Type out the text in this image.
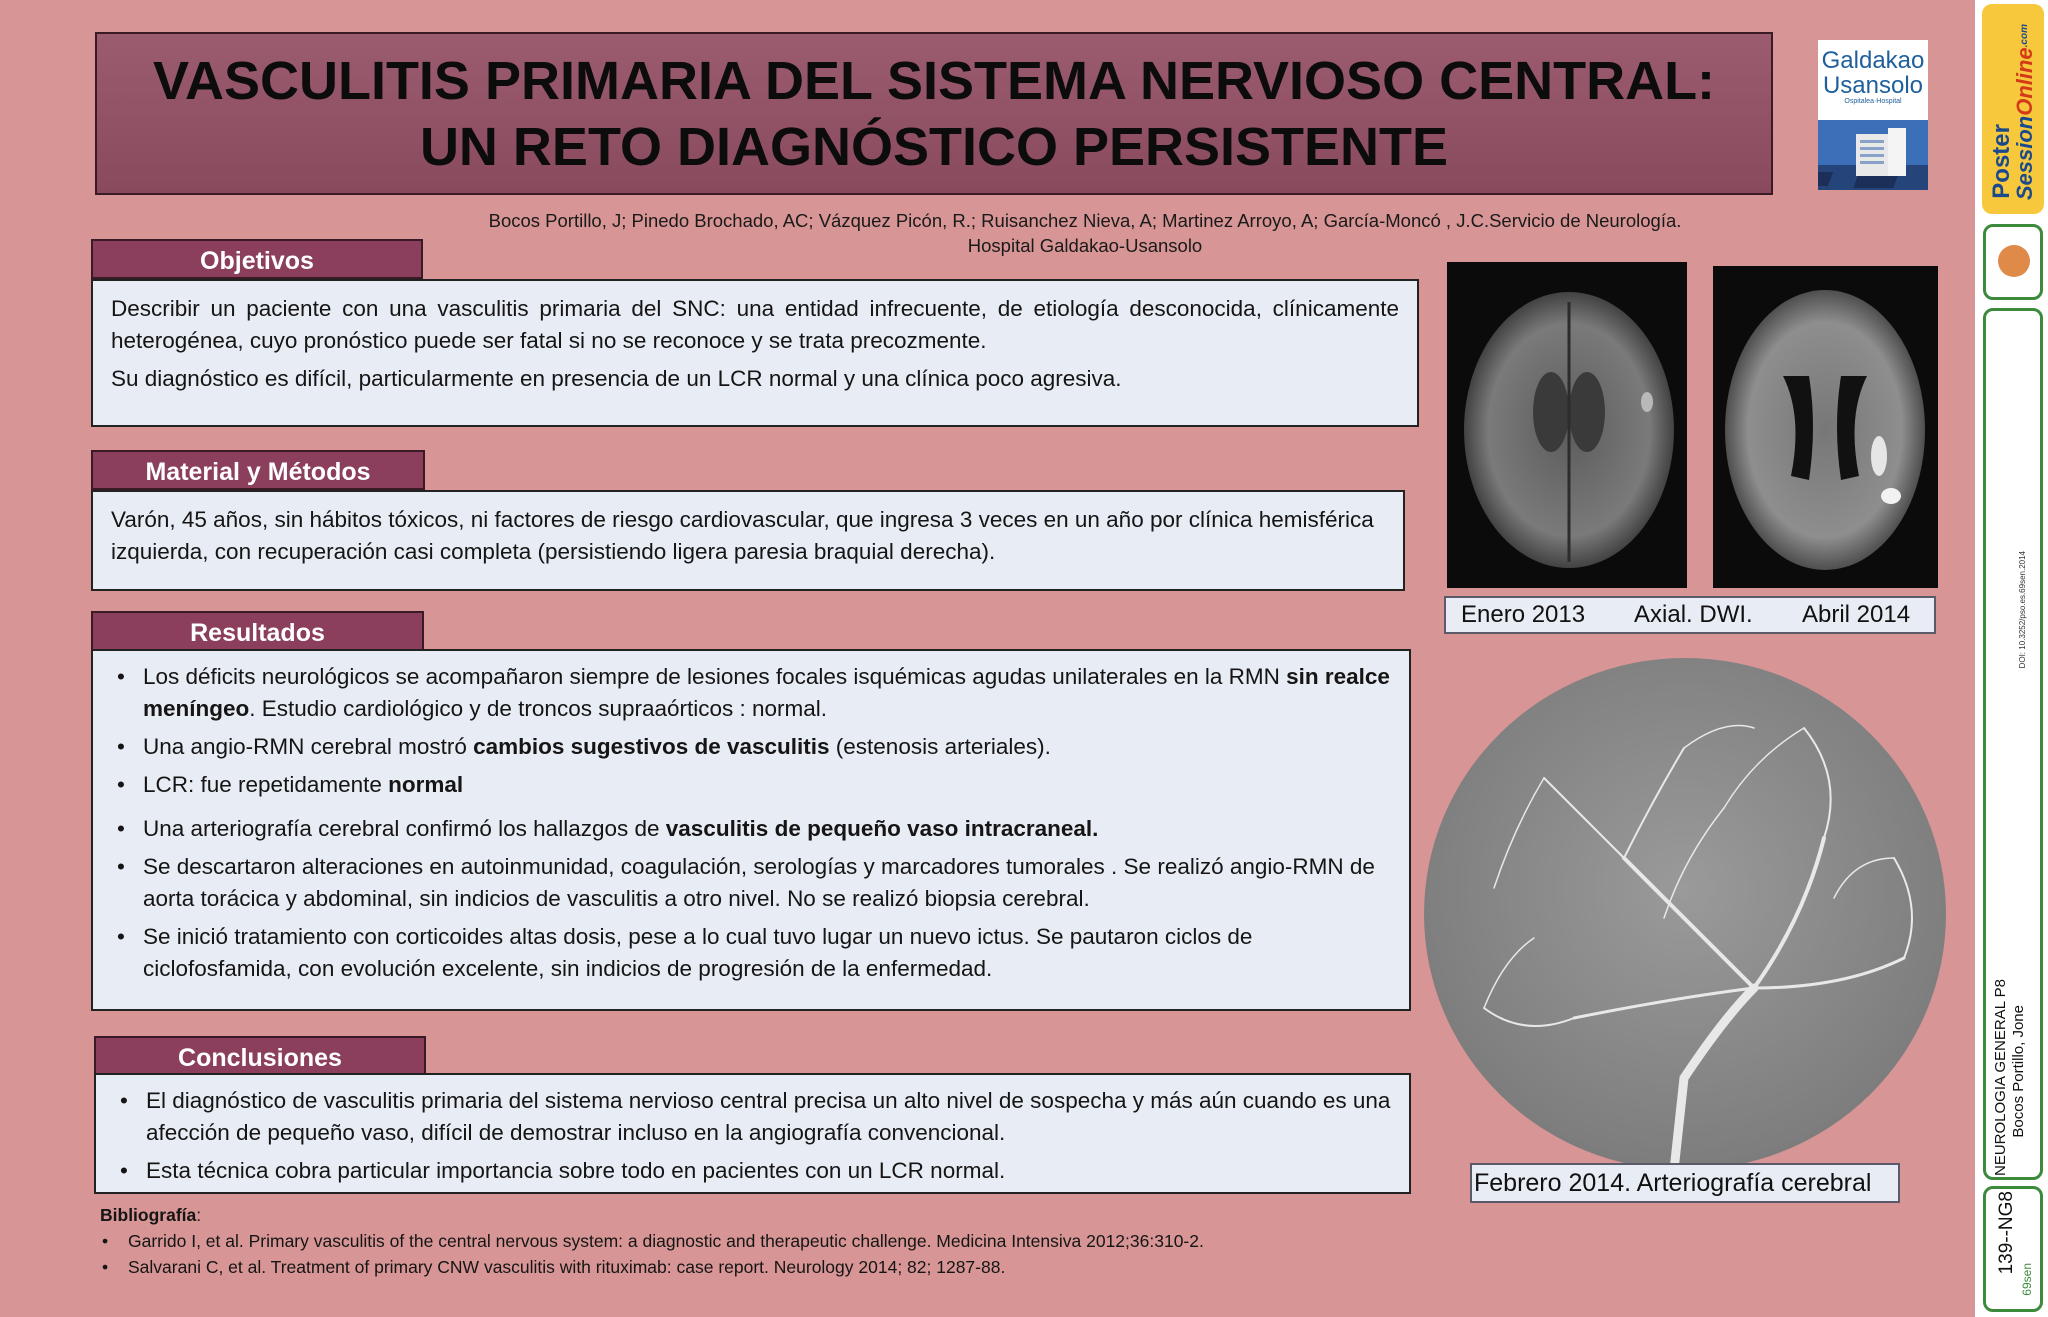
VASCULITIS PRIMARIA DEL SISTEMA NERVIOSO CENTRAL:
UN RETO DIAGNÓSTICO PERSISTENTE
Galdakao
Usansolo
Ospitalea·Hospital
Bocos Portillo, J; Pinedo Brochado, AC; Vázquez Picón, R.; Ruisanchez Nieva, A; Martinez Arroyo, A; García-Moncó , J.C.Servicio de Neurología.
Hospital Galdakao-Usansolo
Objetivos

Describir un paciente con una vasculitis primaria del SNC: una entidad infrecuente, de etiología desconocida, clínicamente heterogénea, cuyo pronóstico puede ser fatal si no se reconoce y se trata precozmente.

Su diagnóstico es difícil, particularmente en presencia de un LCR normal y una clínica poco agresiva.

Material y Métodos

Varón, 45 años, sin hábitos tóxicos, ni factores de riesgo cardiovascular, que ingresa 3 veces en un año por clínica hemisférica izquierda, con recuperación casi completa (persistiendo ligera paresia braquial derecha).

Resultados
• Los déficits neurológicos se acompañaron siempre de lesiones focales isquémicas agudas unilaterales en la RMN sin realce meníngeo. Estudio cardiológico y de troncos supraaórticos : normal.
• Una angio-RMN cerebral mostró cambios sugestivos de vasculitis (estenosis arteriales).
• LCR: fue repetidamente normal
• Una arteriografía cerebral confirmó los hallazgos de vasculitis de pequeño vaso intracraneal.
• Se descartaron alteraciones en autoinmunidad, coagulación, serologías y marcadores tumorales . Se realizó angio-RMN de aorta torácica y abdominal, sin indicios de vasculitis a otro nivel. No se realizó biopsia cerebral.
• Se inició tratamiento con corticoides altas dosis, pese a lo cual tuvo lugar un nuevo ictus. Se pautaron ciclos de ciclofosfamida, con evolución excelente, sin indicios de progresión de la enfermedad.
Conclusiones
• El diagnóstico de vasculitis primaria del sistema nervioso central precisa un alto nivel de sospecha y más aún cuando es una afección de pequeño vaso, difícil de demostrar incluso en la angiografía convencional.
• Esta técnica cobra particular importancia sobre todo en pacientes con un LCR normal.
Bibliografía:
• Garrido I, et al. Primary vasculitis of the central nervous system: a diagnostic and therapeutic challenge. Medicina Intensiva 2012;36:310-2.
• Salvarani C, et al. Treatment of primary CNW vasculitis with rituximab: case report. Neurology 2014; 82; 1287-88.
Enero 2013 Axial. DWI. Abril 2014
Febrero 2014. Arteriografía cerebral
Poster
SessionOnline.com
DOI: 10.3252/pso.es.69sen.2014
NEUROLOGIA GENERAL P8 Bocos Portillo, Jone
139--NG8
69sen
